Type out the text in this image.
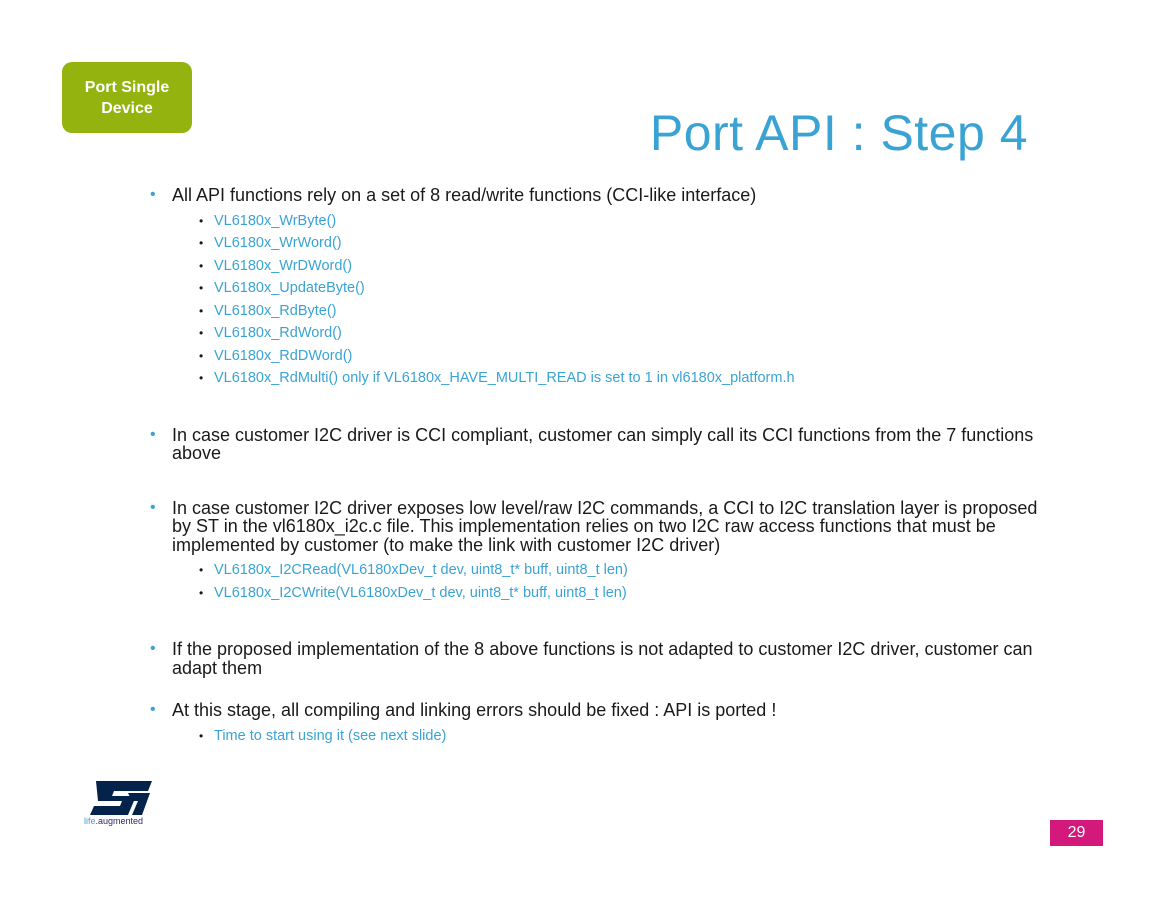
Port Single
Device	Port API : Step 4
• All API functions rely on a set of 8 read/write functions (CCI-like interface)
• VL6180x_WrByte()
• VL6180x_WrWord()
• VL6180x_WrDWord()
• VL6180x_UpdateByte()
• VL6180x_RdByte()
• VL6180x_RdWord()
• VL6180x_RdDWord()
• VL6180x_RdMulti() only if VL6180x_HAVE_MULTI_READ is set to 1 in vl6180x_platform.h
• In case customer I2C driver is CCI compliant, customer can simply call its CCI functions from the 7 functions above
• In case customer I2C driver exposes low level/raw I2C commands, a CCI to I2C translation layer is proposed by ST in the vl6180x_i2c.c file. This implementation relies on two I2C raw access functions that must be implemented by customer (to make the link with customer I2C driver)
• VL6180x_I2CRead(VL6180xDev_t dev, uint8_t* buff, uint8_t len)
• VL6180x_I2CWrite(VL6180xDev_t dev, uint8_t* buff, uint8_t len)
• If the proposed implementation of the 8 above functions is not adapted to customer I2C driver, customer can adapt them
• At this stage, all compiling and linking errors should be fixed : API is ported !
• Time to start using it (see next slide)
life.augmented
29
